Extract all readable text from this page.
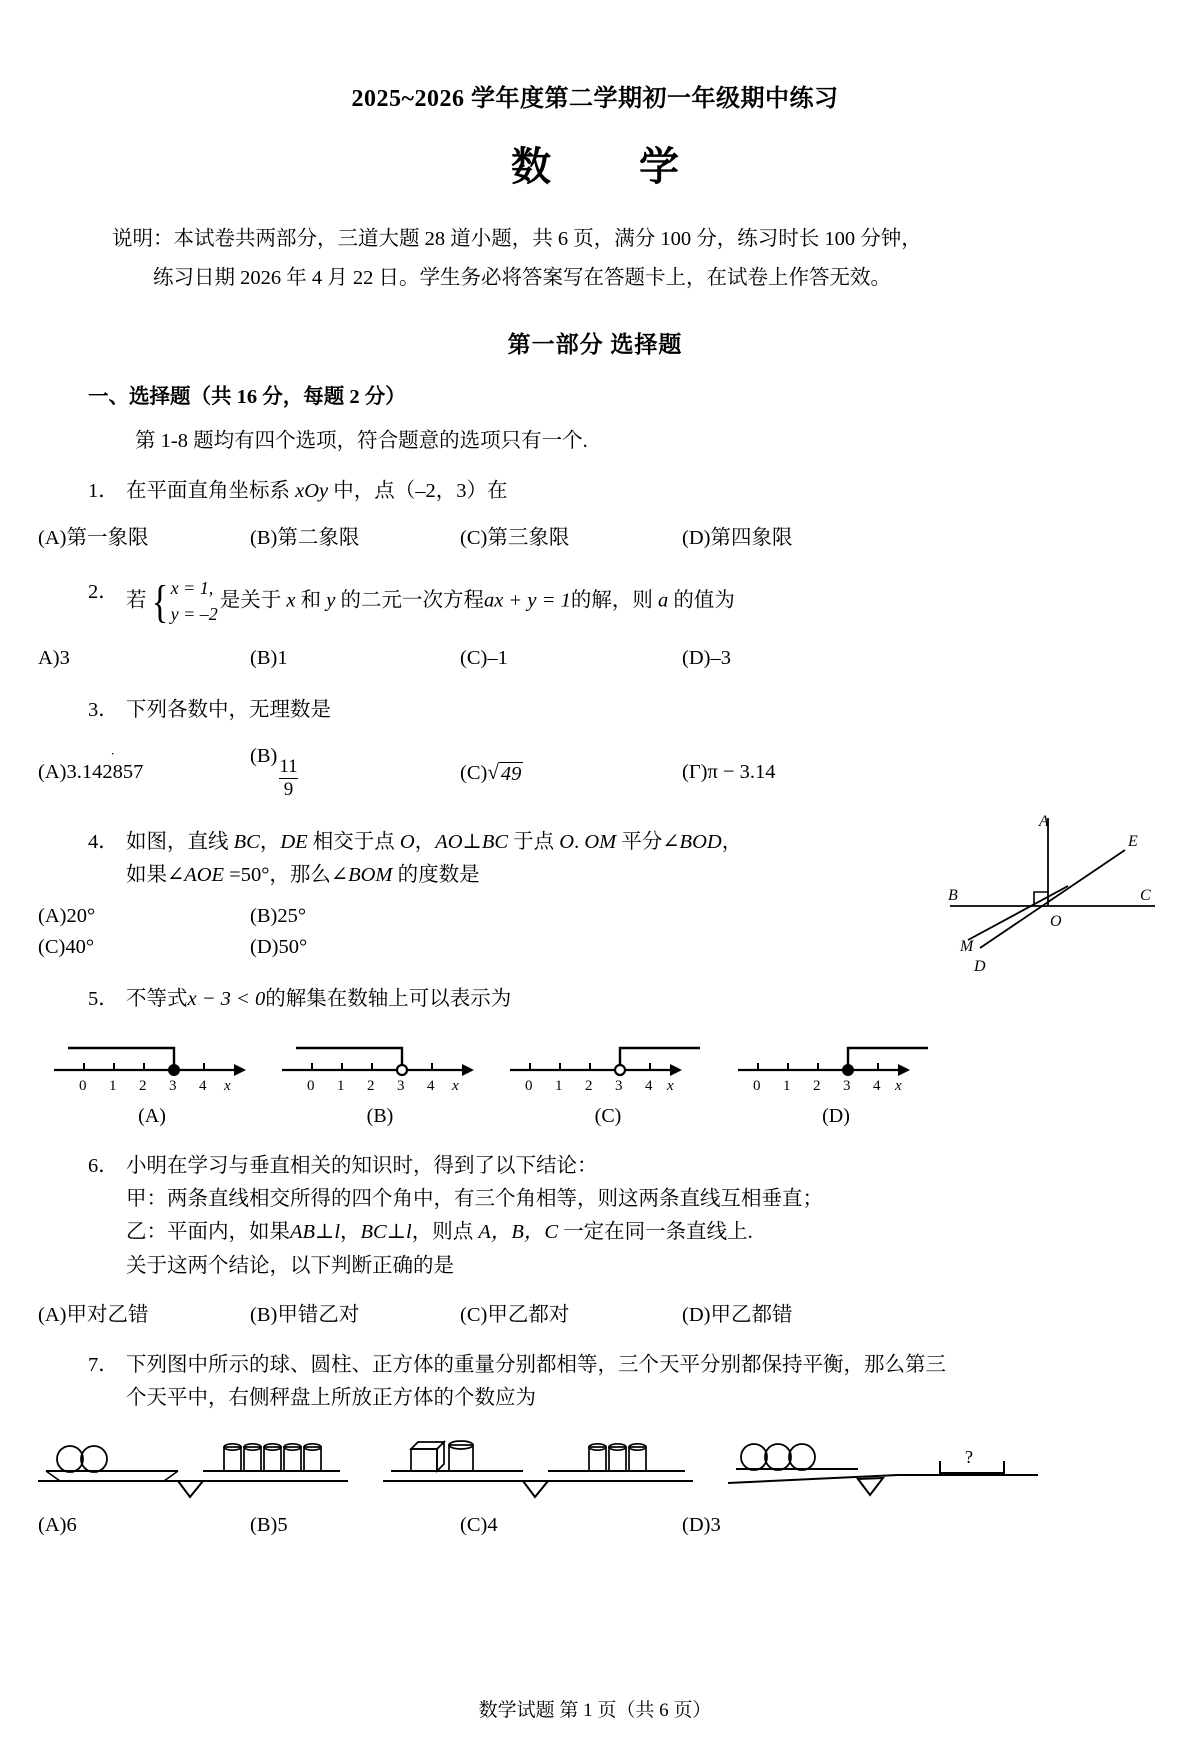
2025~2026 学年度第二学期初一年级期中练习
数　学
说明：本试卷共两部分，三道大题 28 道小题，共 6 页，满分 100 分，练习时长 100 分钟，
练习日期 2026 年 4 月 22 日。学生务必将答案写在答题卡上，在试卷上作答无效。
第一部分 选择题
一、选择题（共 16 分，每题 2 分）
第 1-8 题均有四个选项，符合题意的选项只有一个.
1． 在平面直角坐标系 xOy 中，点（–2，3）在
(A)第一象限	(B)第二象限	(C)第三象限	(D)第四象限
2． 若 { x = 1,
y = –2
是关于 x 和 y 的二元一次方程ax + y = 1的解，则 a 的值为
A)3	(B)1	(C)–1	(D)–3
3． 下列各数中，无理数是
(A)3.142857 ˙
(B)
$\frac{11}{9}$	(C) √ 49	(Γ)π − 3.14
4． 如图，直线 BC，DE 相交于点 O，AO⊥BC 于点 O. OM 平分∠BOD，
如果∠AOE =50°，那么∠BOM 的度数是
A
E
B	C
O
M
D
(A)20°	(B)25°
(C)40°	(D)50°
5． 不等式x − 3 < 0的解集在数轴上可以表示为
0 1 2 3 4 x
(A)
0 1 2 3 4 x
(B)
0 1 2 3 4 x
(C)
0 1 2 3 4 x
(D)
6． 小明在学习与垂直相关的知识时，得到了以下结论：
甲：两条直线相交所得的四个角中，有三个角相等，则这两条直线互相垂直；
乙：平面内，如果AB⊥l，BC⊥l，则点 A，B，C 一定在同一条直线上.
关于这两个结论，以下判断正确的是
(A)甲对乙错	(B)甲错乙对	(C)甲乙都对	(D)甲乙都错
7． 下列图中所示的球、圆柱、正方体的重量分别都相等，三个天平分别都保持平衡，那么第三
个天平中，右侧秤盘上所放正方体的个数应为
?
(A)6	(B)5	(C)4	(D)3
数学试题 第 1 页（共 6 页）
